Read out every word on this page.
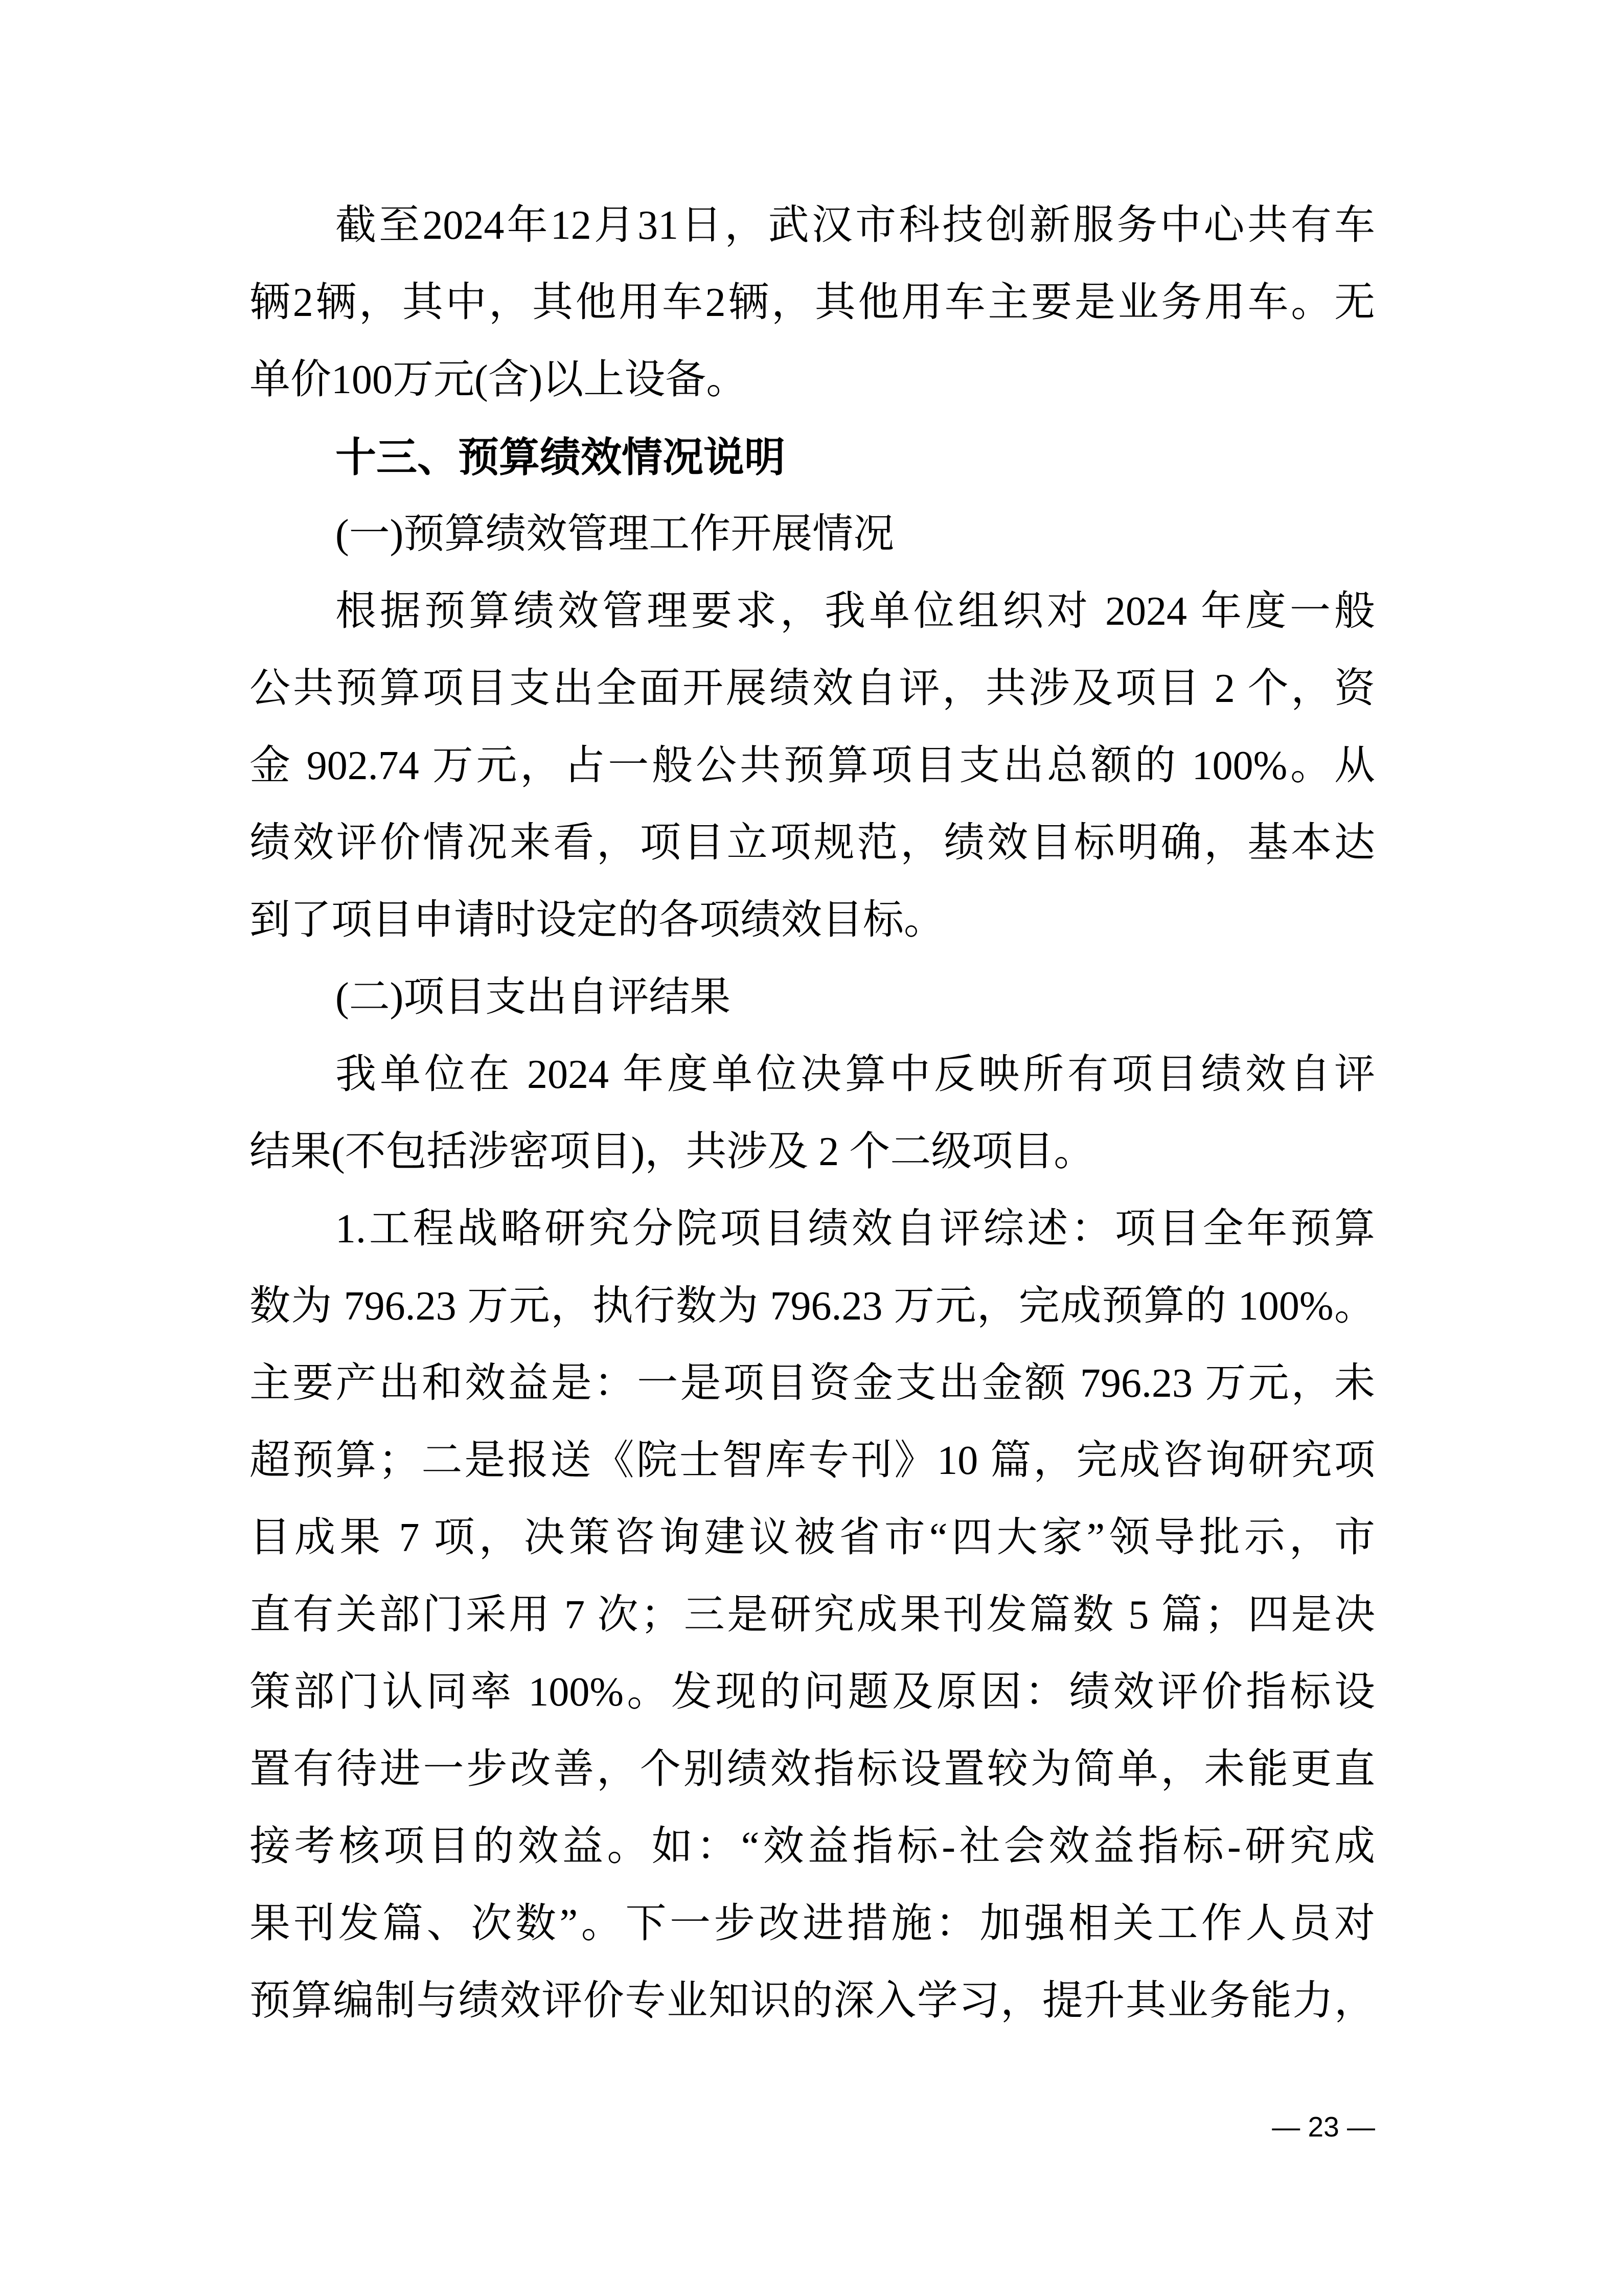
截至2024年12月31日，武汉市科技创新服务中心共有车
辆2辆，其中，其他用车2辆，其他用车主要是业务用车。无
单价100万元(含)以上设备。
十三、预算绩效情况说明
(一)预算绩效管理工作开展情况
根据预算绩效管理要求，我单位组织对 2024 年度一般
公共预算项目支出全面开展绩效自评，共涉及项目 2 个，资
金 902.74 万元，占一般公共预算项目支出总额的 100%。从
绩效评价情况来看，项目立项规范，绩效目标明确，基本达
到了项目申请时设定的各项绩效目标。
(二)项目支出自评结果
我单位在 2024 年度单位决算中反映所有项目绩效自评
结果(不包括涉密项目)，共涉及 2 个二级项目。
1.工程战略研究分院项目绩效自评综述：项目全年预算
数为 796.23 万元，执行数为 796.23 万元，完成预算的 100%。
主要产出和效益是：一是项目资金支出金额 796.23 万元，未
超预算；二是报送《院士智库专刊》10 篇，完成咨询研究项
目成果 7 项，决策咨询建议被省市“四大家”领导批示，市
直有关部门采用 7 次；三是研究成果刊发篇数 5 篇；四是决
策部门认同率 100%。发现的问题及原因：绩效评价指标设
置有待进一步改善，个别绩效指标设置较为简单，未能更直
接考核项目的效益。如：“效益指标-社会效益指标-研究成
果刊发篇、次数”。下一步改进措施：加强相关工作人员对
预算编制与绩效评价专业知识的深入学习，提升其业务能力，
— 23 —
